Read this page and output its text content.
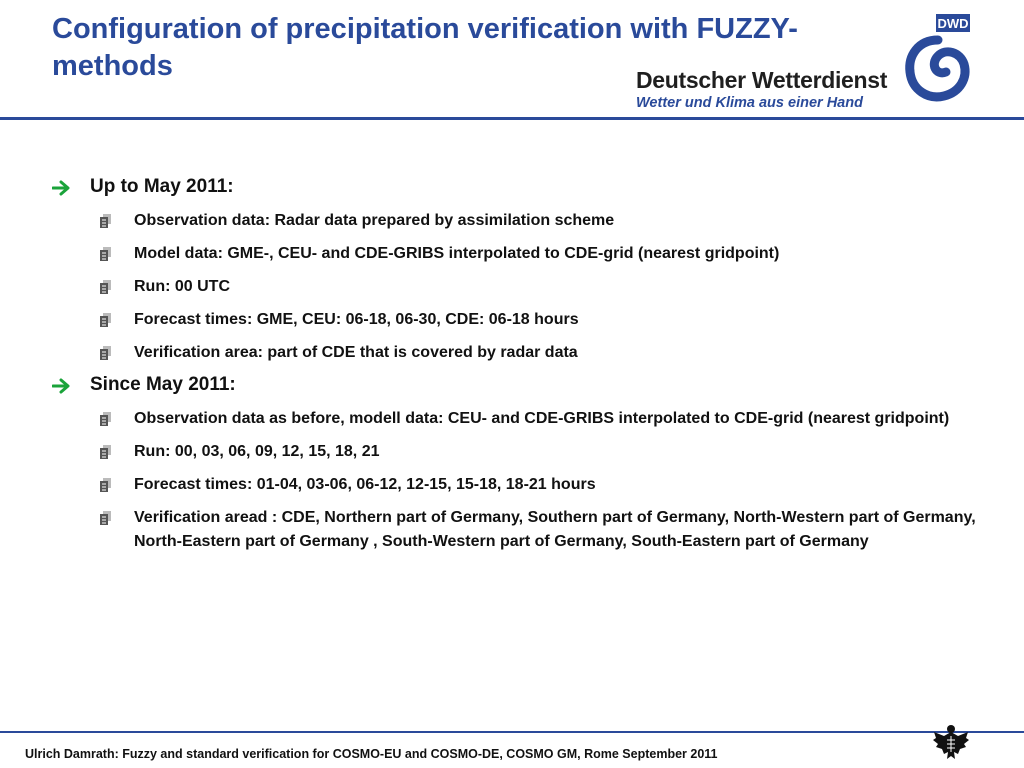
Configuration of precipitation verification with FUZZY-methods	Deutscher Wetterdienst
Wetter und Klima aus einer Hand
DWD
Up to May 2011:
Observation data: Radar data prepared by assimilation scheme
Model data: GME-, CEU- and CDE-GRIBS interpolated to CDE-grid (nearest gridpoint)
Run: 00 UTC
Forecast times: GME, CEU: 06-18, 06-30, CDE: 06-18 hours
Verification area: part of CDE that is covered by radar data
Since May 2011:
Observation data as before, modell data: CEU- and CDE-GRIBS interpolated to CDE-grid (nearest gridpoint)
Run: 00, 03, 06, 09, 12, 15, 18, 21
Forecast times: 01-04, 03-06, 06-12, 12-15, 15-18, 18-21 hours
Verification aread : CDE, Northern part of Germany, Southern part of Germany, North-Western part of Germany, North-Eastern part of Germany , South-Western part of Germany, South-Eastern part of Germany
Ulrich Damrath: Fuzzy and standard verification for COSMO-EU and COSMO-DE, COSMO GM, Rome September 2011
